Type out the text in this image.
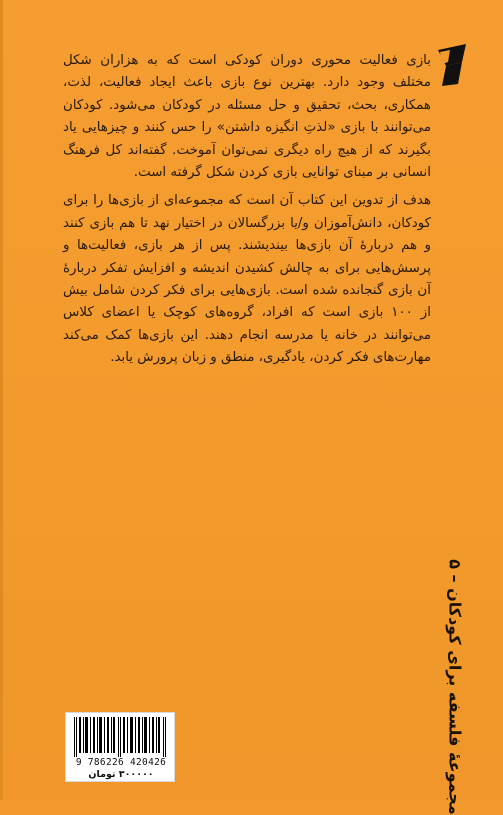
بازی فعالیت محوری دوران کودکی است که به هزاران شکل مختلف وجود دارد. بهترین نوع بازی باعث ایجاد فعالیت، لذت، همکاری، بحث، تحقیق و حل مسئله در کودکان می‌شود. کودکان می‌توانند با بازی «لذتِ انگیزه داشتن» را حس کنند و چیزهایی یاد بگیرند که از هیچ راه دیگری نمی‌توان آموخت. گفته‌اند کل فرهنگ انسانی بر مبنای توانایی بازی کردن شکل گرفته است.

هدف از تدوین این کتاب آن است که مجموعه‌ای از بازی‌ها را برای کودکان، دانش‌آموزان و/یا بزرگسالان در اختیار نهد تا هم بازی کنند و هم دربارهٔ آن بازی‌ها بیندیشند. پس از هر بازی، فعالیت‌ها و پرسش‌هایی برای به چالش کشیدن اندیشه و افزایش تفکر دربارهٔ آن بازی گنجانده شده است. بازی‌هایی برای فکر کردن شامل بیش از ۱۰۰ بازی است که افراد، گروه‌های کوچک یا اعضای کلاس می‌توانند در خانه یا مدرسه انجام دهند. این بازی‌ها کمک می‌کند مهارت‌های فکر کردن، یادگیری، منطق و زبان پرورش یابد.

مجموعهٔ فلسفه برای کودکان – ۵
9 786226 420426
۳۰۰۰۰۰ تومان
